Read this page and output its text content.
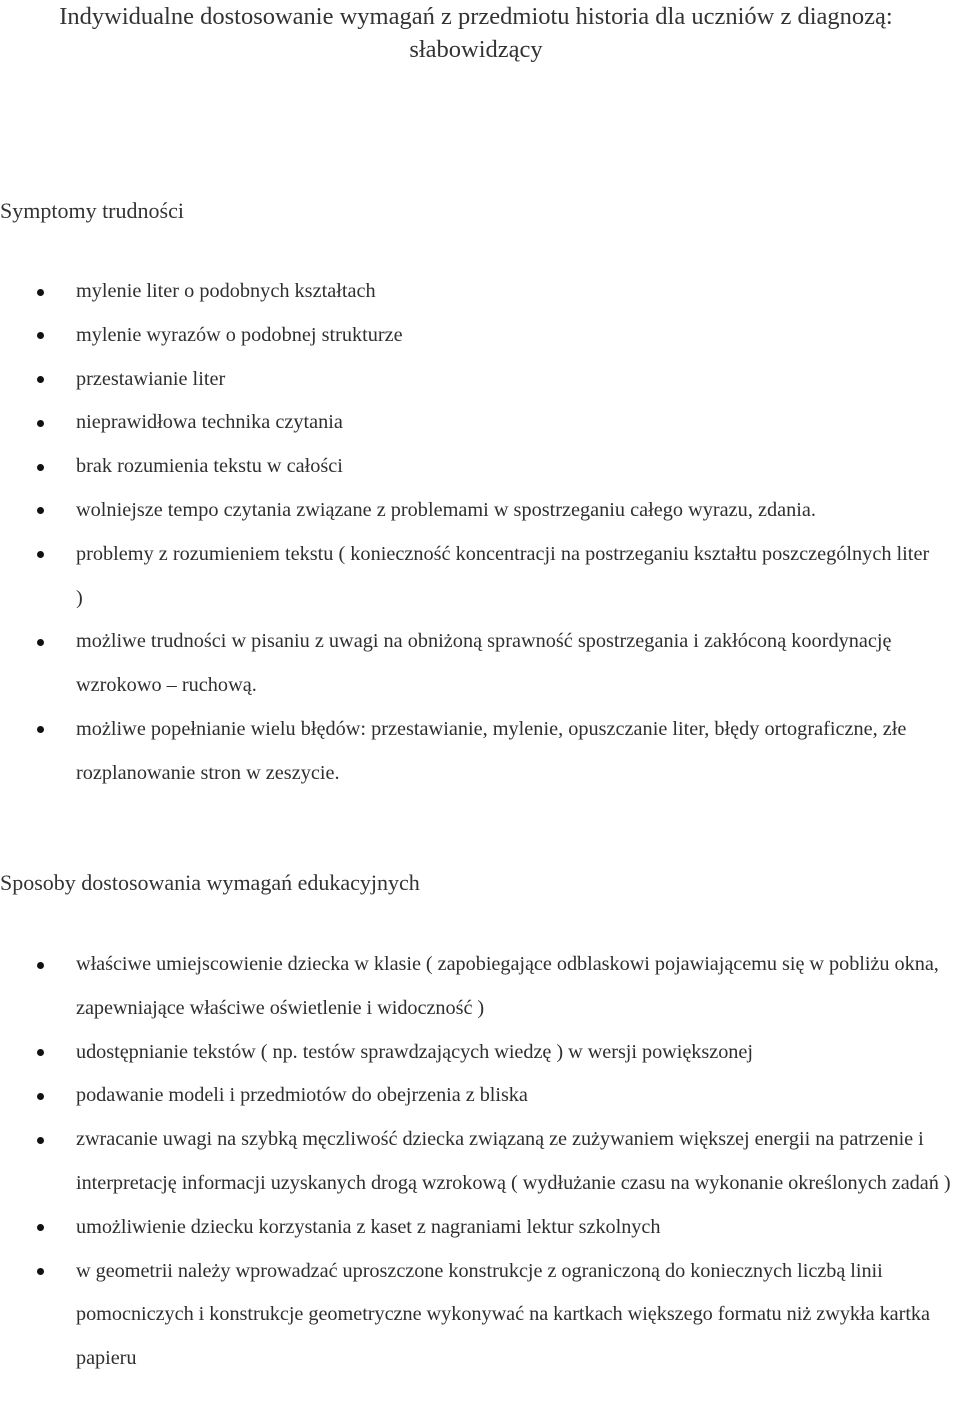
Indywidualne dostosowanie wymagań z przedmiotu historia dla uczniów z diagnozą: słabowidzący
Symptomy trudności
mylenie liter o podobnych kształtach
mylenie wyrazów o podobnej strukturze
przestawianie liter
nieprawidłowa technika czytania
brak rozumienia tekstu w całości
wolniejsze tempo czytania związane z problemami w spostrzeganiu całego wyrazu, zdania.
problemy z rozumieniem tekstu ( konieczność koncentracji na postrzeganiu kształtu poszczególnych liter )
możliwe trudności w pisaniu z uwagi na obniżoną sprawność spostrzegania i zakłóconą koordynację wzrokowo – ruchową.
możliwe popełnianie wielu błędów: przestawianie, mylenie, opuszczanie liter, błędy ortograficzne, złe rozplanowanie stron w zeszycie.
Sposoby dostosowania wymagań edukacyjnych
właściwe umiejscowienie dziecka w klasie ( zapobiegające odblaskowi pojawiającemu się w pobliżu okna, zapewniające właściwe oświetlenie i widoczność )
udostępnianie tekstów ( np. testów sprawdzających wiedzę ) w wersji powiększonej
podawanie modeli i przedmiotów do obejrzenia z bliska
zwracanie uwagi na szybką męczliwość dziecka związaną ze zużywaniem większej energii na patrzenie i interpretację informacji uzyskanych drogą wzrokową ( wydłużanie czasu na wykonanie określonych zadań )
umożliwienie dziecku korzystania z kaset z nagraniami lektur szkolnych
w geometrii należy wprowadzać uproszczone konstrukcje z ograniczoną do koniecznych liczbą linii pomocniczych i konstrukcje geometryczne wykonywać na kartkach większego formatu niż zwykła kartka papieru
